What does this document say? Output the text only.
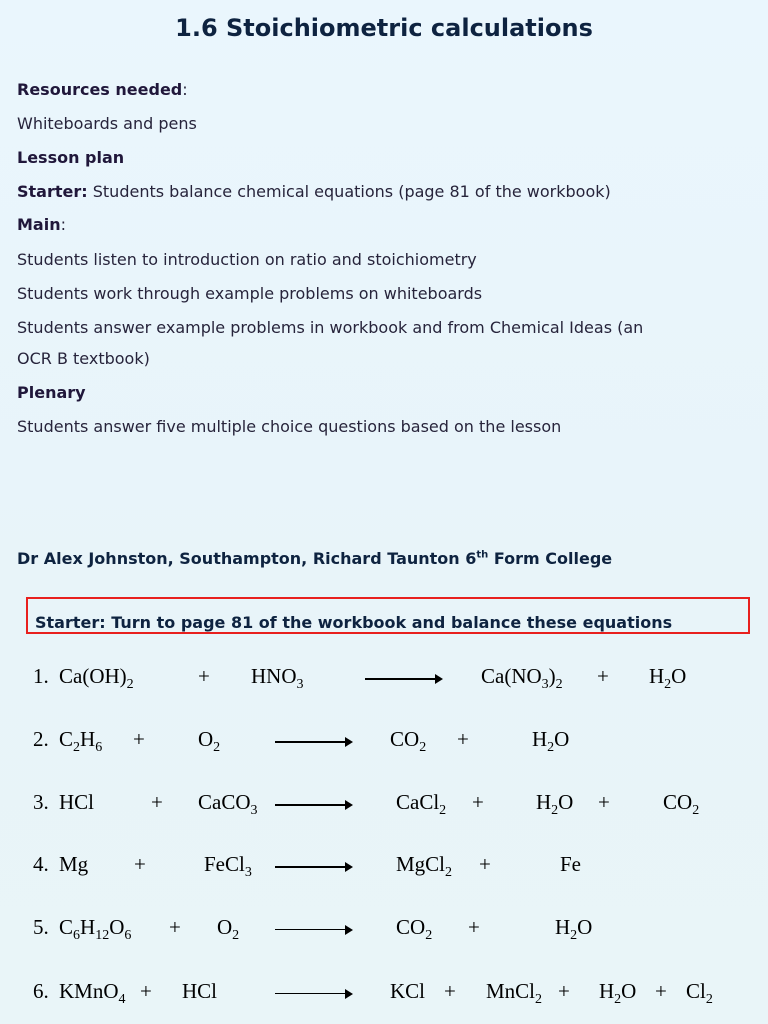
1.6 Stoichiometric calculations
Resources needed:
Whiteboards and pens
Lesson plan
Starter: Students balance chemical equations (page 81 of the workbook)
Main:
Students listen to introduction on ratio and stoichiometry
Students work through example problems on whiteboards
Students answer example problems in workbook and from Chemical Ideas (an
OCR B textbook)
Plenary
Students answer five multiple choice questions based on the lesson
Dr Alex Johnston, Southampton, Richard Taunton 6th Form College
Starter: Turn to page 81 of the workbook and balance these equations
1. $Ca(OH)_2$	+ $HNO_3$	$Ca(NO_3)_2 + H_2O$
2. $C_2H_6$ +	$O_2$	$CO_2$ +	$H_2O$
3. HCl	+ CaCO$_3$	CaCl$_2$ + $H_2O$ +	$CO_2$
4. Mg +	FeCl$_3$	MgCl$_2$ +	Fe
5. $C_6H_{12}O_6 + O_2$	$CO_2$ +	$H_2O$
6. KMnO$_4$ + HCl	KCl + MnCl$_2$ + $H_2O + Cl_2$
